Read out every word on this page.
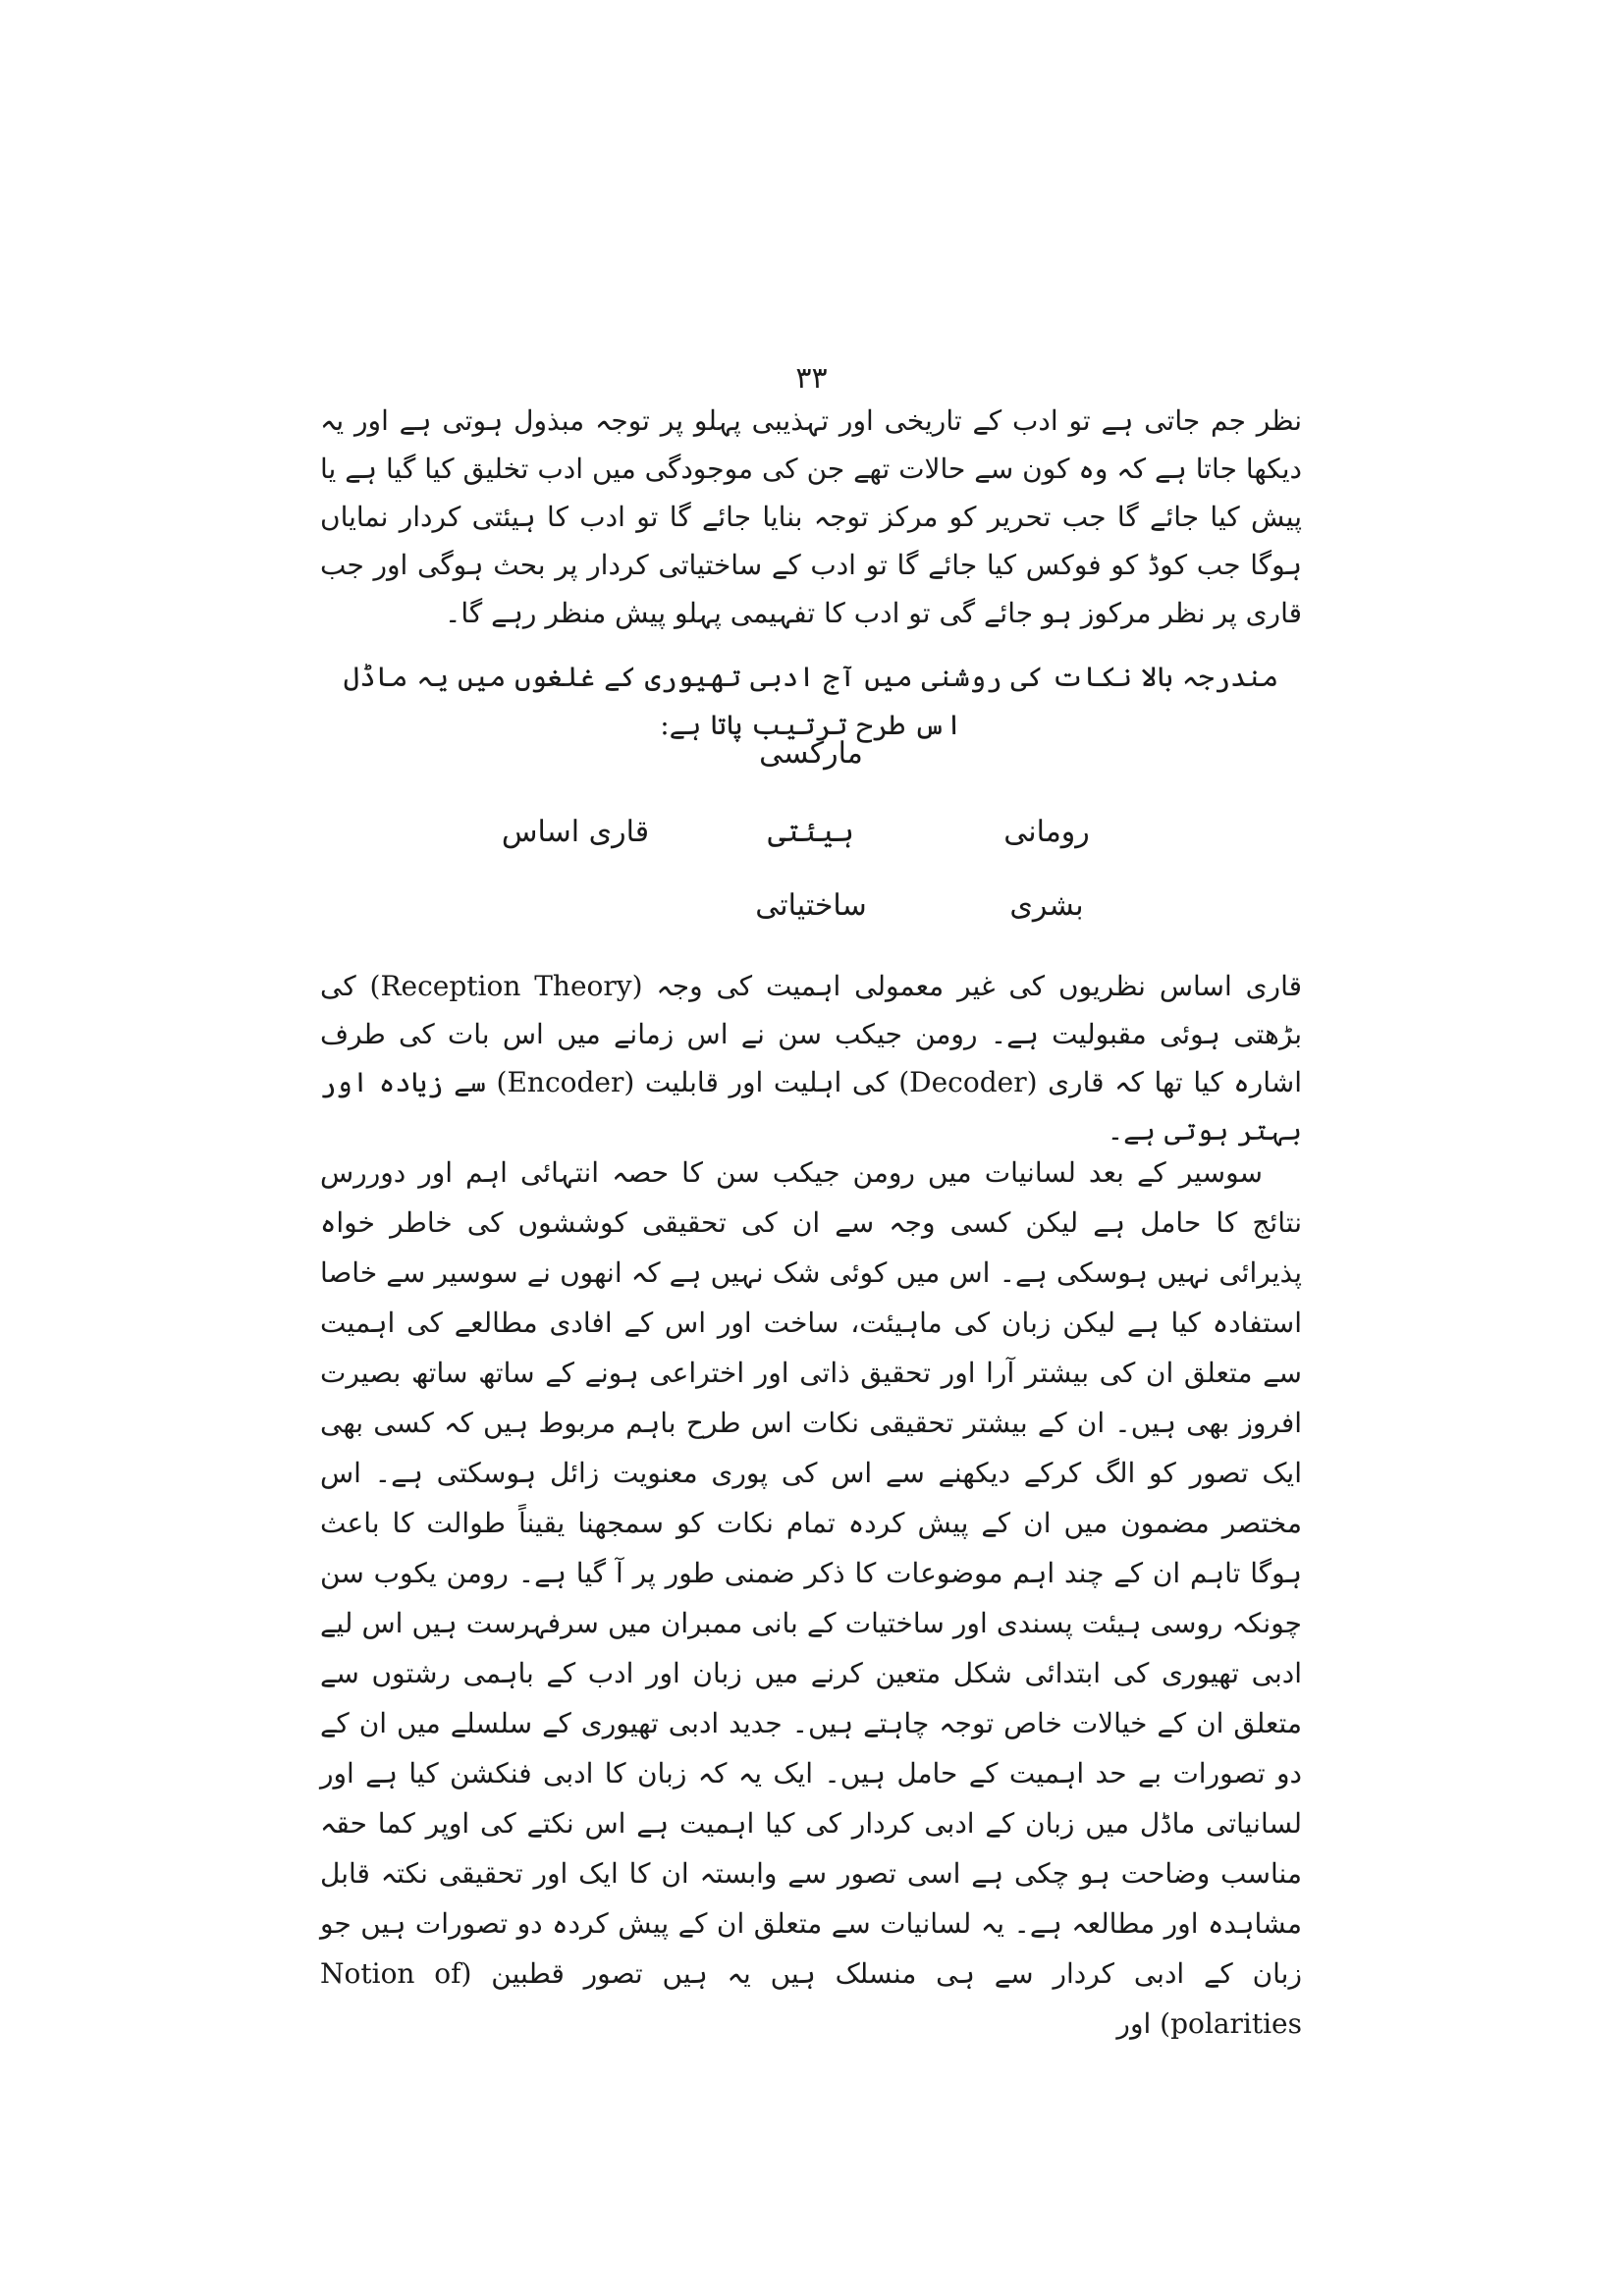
۳۳

نظر جم جاتی ہے تو ادب کے تاریخی اور تہذیبی پہلو پر توجہ مبذول ہوتی ہے اور یہ دیکھا جاتا ہے کہ وہ کون سے حالات تھے جن کی موجودگی میں ادب تخلیق کیا گیا ہے یا پیش کیا جائے گا جب تحریر کو مرکز توجہ بنایا جائے گا تو ادب کا ہیئتی کردار نمایاں ہوگا جب کوڈ کو فوکس کیا جائے گا تو ادب کے ساختیاتی کردار پر بحث ہوگی اور جب قاری پر نظر مرکوز ہو جائے گی تو ادب کا تفہیمی پہلو پیش منظر رہے گا۔

مندرجہ بالا نکات کی روشنی میں آج ادبی تھیوری کے غلغوں میں یہ ماڈل اس طرح ترتیب پاتا ہے:

مارکسی
رومانی
ہیئتی
قاری اساس
بشری
ساختیاتی

قاری اساس نظریوں کی غیر معمولی اہمیت کی وجہ (Reception Theory) کی بڑھتی ہوئی مقبولیت ہے۔ رومن جیکب سن نے اس زمانے میں اس بات کی طرف اشارہ کیا تھا کہ قاری (Decoder) کی اہلیت اور قابلیت (Encoder) سے زیادہ اور بہتر ہوتی ہے۔

سوسیر کے بعد لسانیات میں رومن جیکب سن کا حصہ انتہائی اہم اور دوررس نتائج کا حامل ہے لیکن کسی وجہ سے ان کی تحقیقی کوششوں کی خاطر خواہ پذیرائی نہیں ہوسکی ہے۔ اس میں کوئی شک نہیں ہے کہ انھوں نے سوسیر سے خاصا استفادہ کیا ہے لیکن زبان کی ماہیئت، ساخت اور اس کے افادی مطالعے کی اہمیت سے متعلق ان کی بیشتر آرا اور تحقیق ذاتی اور اختراعی ہونے کے ساتھ ساتھ بصیرت افروز بھی ہیں۔ ان کے بیشتر تحقیقی نکات اس طرح باہم مربوط ہیں کہ کسی بھی ایک تصور کو الگ کرکے دیکھنے سے اس کی پوری معنویت زائل ہوسکتی ہے۔ اس مختصر مضمون میں ان کے پیش کردہ تمام نکات کو سمجھنا یقیناً طوالت کا باعث ہوگا تاہم ان کے چند اہم موضوعات کا ذکر ضمنی طور پر آ گیا ہے۔ رومن یکوب سن چونکہ روسی ہیئت پسندی اور ساختیات کے بانی ممبران میں سرفہرست ہیں اس لیے ادبی تھیوری کی ابتدائی شکل متعین کرنے میں زبان اور ادب کے باہمی رشتوں سے متعلق ان کے خیالات خاص توجہ چاہتے ہیں۔ جدید ادبی تھیوری کے سلسلے میں ان کے دو تصورات بے حد اہمیت کے حامل ہیں۔ ایک یہ کہ زبان کا ادبی فنکشن کیا ہے اور لسانیاتی ماڈل میں زبان کے ادبی کردار کی کیا اہمیت ہے اس نکتے کی اوپر کما حقہ مناسب وضاحت ہو چکی ہے اسی تصور سے وابستہ ان کا ایک اور تحقیقی نکتہ قابل مشاہدہ اور مطالعہ ہے۔ یہ لسانیات سے متعلق ان کے پیش کردہ دو تصورات ہیں جو زبان کے ادبی کردار سے ہی منسلک ہیں یہ ہیں تصور قطبین (Notion of polarities) اور
